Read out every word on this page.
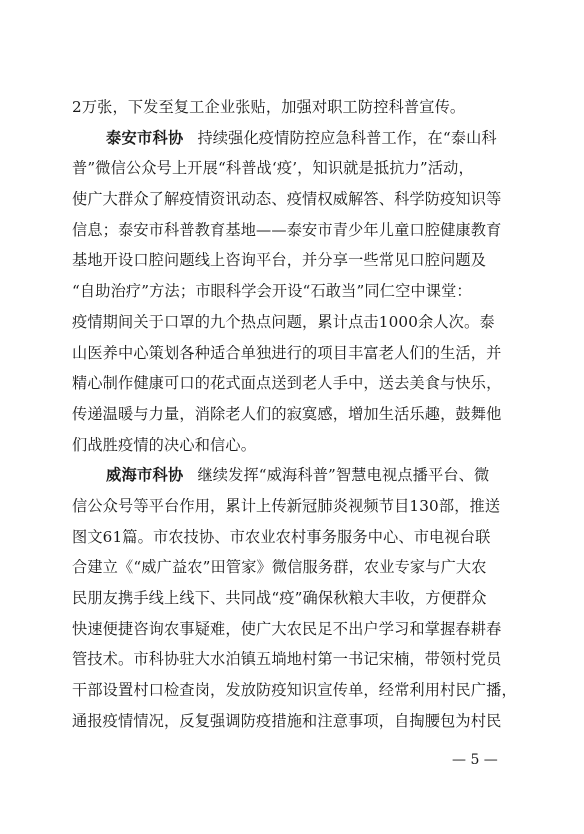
2万张，下发至复工企业张贴，加强对职工防控科普宣传。
泰安市科协 持续强化疫情防控应急科普工作，在“泰山科
普”微信公众号上开展“科普战‘疫’，知识就是抵抗力”活动，
使广大群众了解疫情资讯动态、疫情权威解答、科学防疫知识等
信息；泰安市科普教育基地——泰安市青少年儿童口腔健康教育
基地开设口腔问题线上咨询平台，并分享一些常见口腔问题及
“自助治疗”方法；市眼科学会开设“石敢当”同仁空中课堂：
疫情期间关于口罩的九个热点问题，累计点击1000余人次。泰
山医养中心策划各种适合单独进行的项目丰富老人们的生活，并
精心制作健康可口的花式面点送到老人手中，送去美食与快乐，
传递温暖与力量，消除老人们的寂寞感，增加生活乐趣，鼓舞他
们战胜疫情的决心和信心。
威海市科协 继续发挥“威海科普”智慧电视点播平台、微
信公众号等平台作用，累计上传新冠肺炎视频节目130部，推送
图文61篇。市农技协、市农业农村事务服务中心、市电视台联
合建立《“威广益农”田管家》微信服务群，农业专家与广大农
民朋友携手线上线下、共同战“疫”确保秋粮大丰收，方便群众
快速便捷咨询农事疑难，使广大农民足不出户学习和掌握春耕春
管技术。市科协驻大水泊镇五埫地村第一书记宋楠，带领村党员
干部设置村口检查岗，发放防疫知识宣传单，经常利用村民广播，
通报疫情情况，反复强调防疫措施和注意事项，自掏腰包为村民
— 5 —
